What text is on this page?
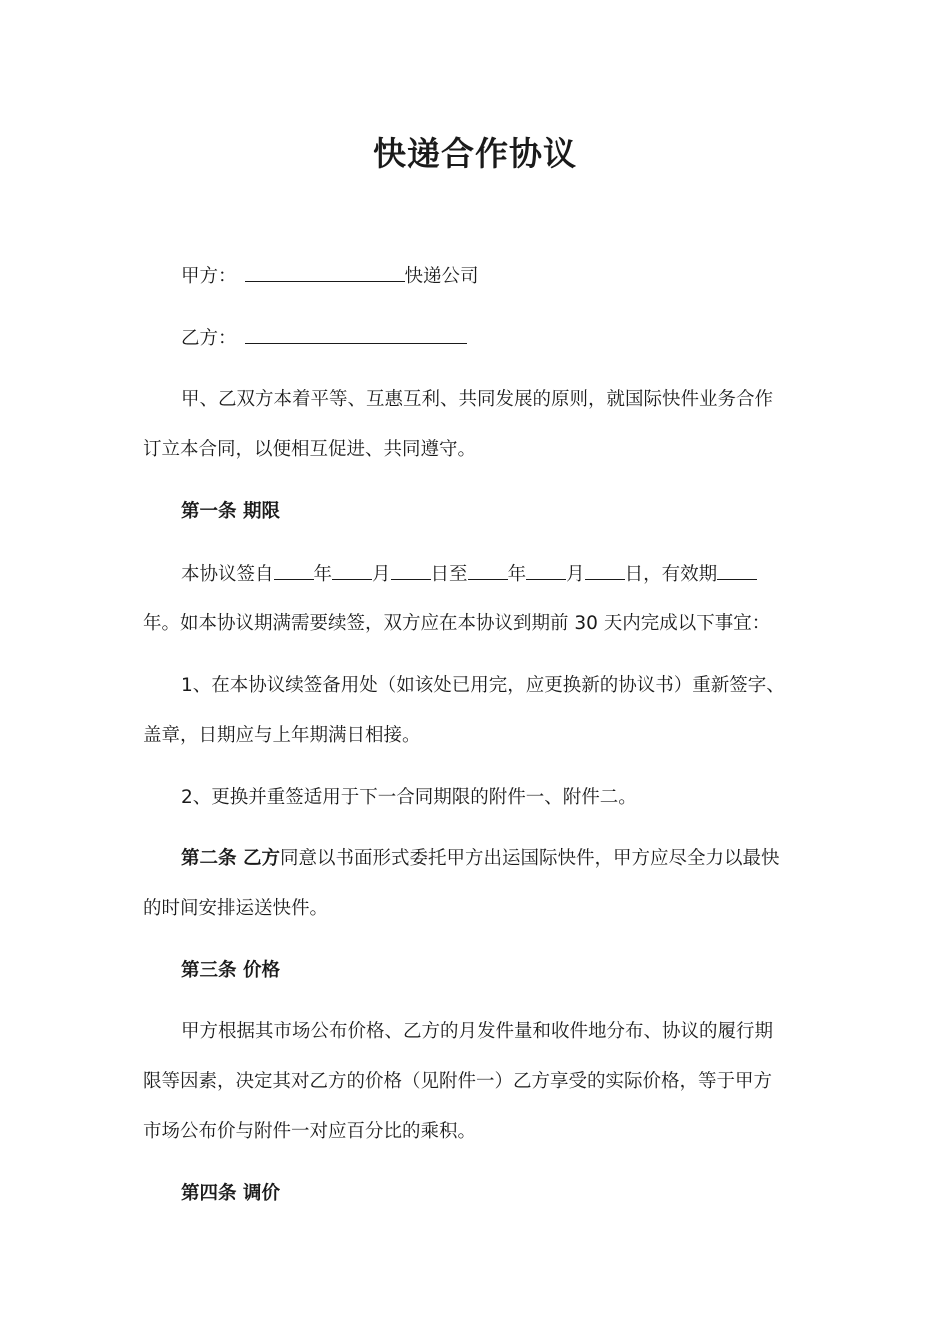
快递合作协议

甲方：	快递公司

乙方：

甲、乙双方本着平等、互惠互利、共同发展的原则，就国际快件业务合作

订立本合同，以便相互促进、共同遵守。

第一条 期限

本协议签自 年 月 日至 年 月 日，有效期

年。如本协议期满需要续签，双方应在本协议到期前 30 天内完成以下事宜：

1、在本协议续签备用处（如该处已用完，应更换新的协议书）重新签字、

盖章，日期应与上年期满日相接。

2、更换并重签适用于下一合同期限的附件一、附件二。

第二条 乙方同意以书面形式委托甲方出运国际快件，甲方应尽全力以最快

的时间安排运送快件。

第三条 价格

甲方根据其市场公布价格、乙方的月发件量和收件地分布、协议的履行期

限等因素，决定其对乙方的价格（见附件一）乙方享受的实际价格，等于甲方

市场公布价与附件一对应百分比的乘积。

第四条 调价
